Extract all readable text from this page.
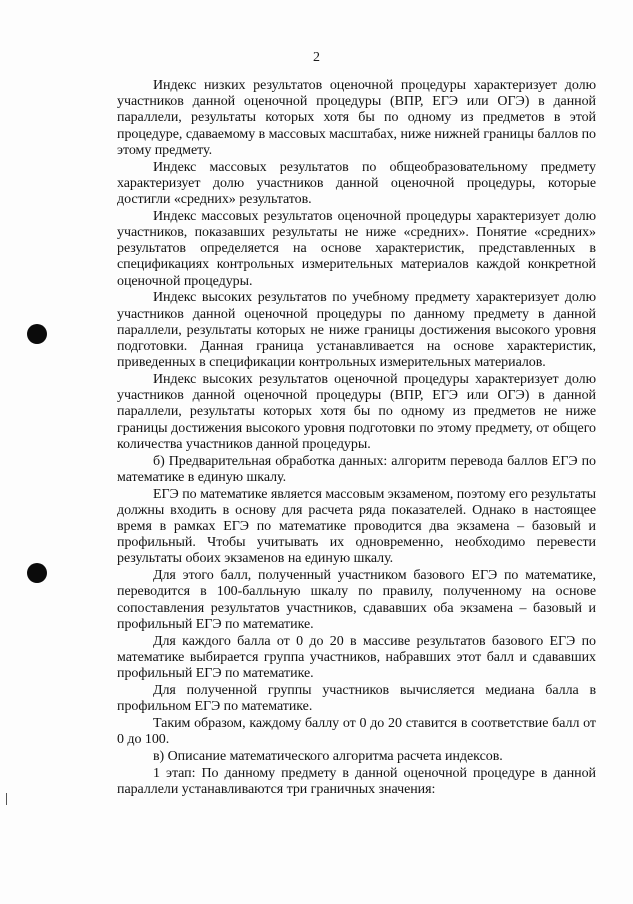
2

Индекс низких результатов оценочной процедуры характеризует долю участников данной оценочной процедуры (ВПР, ЕГЭ или ОГЭ) в данной параллели, результаты которых хотя бы по одному из предметов в этой процедуре, сдаваемому в массовых масштабах, ниже нижней границы баллов по этому предмету.

Индекс массовых результатов по общеобразовательному предмету характеризует долю участников данной оценочной процедуры, которые достигли «средних» результатов.

Индекс массовых результатов оценочной процедуры характеризует долю участников, показавших результаты не ниже «средних». Понятие «средних» результатов определяется на основе характеристик, представленных в спецификациях контрольных измерительных материалов каждой конкретной оценочной процедуры.

Индекс высоких результатов по учебному предмету характеризует долю участников данной оценочной процедуры по данному предмету в данной параллели, результаты которых не ниже границы достижения высокого уровня подготовки. Данная граница устанавливается на основе характеристик, приведенных в спецификации контрольных измерительных материалов.

Индекс высоких результатов оценочной процедуры характеризует долю участников данной оценочной процедуры (ВПР, ЕГЭ или ОГЭ) в данной параллели, результаты которых хотя бы по одному из предметов не ниже границы достижения высокого уровня подготовки по этому предмету, от общего количества участников данной процедуры.

б) Предварительная обработка данных: алгоритм перевода баллов ЕГЭ по математике в единую шкалу.

ЕГЭ по математике является массовым экзаменом, поэтому его результаты должны входить в основу для расчета ряда показателей. Однако в настоящее время в рамках ЕГЭ по математике проводится два экзамена – базовый и профильный. Чтобы учитывать их одновременно, необходимо перевести результаты обоих экзаменов на единую шкалу.

Для этого балл, полученный участником базового ЕГЭ по математике, переводится в 100-балльную шкалу по правилу, полученному на основе сопоставления результатов участников, сдававших оба экзамена – базовый и профильный ЕГЭ по математике.

Для каждого балла от 0 до 20 в массиве результатов базового ЕГЭ по математике выбирается группа участников, набравших этот балл и сдававших профильный ЕГЭ по математике.

Для полученной группы участников вычисляется медиана балла в профильном ЕГЭ по математике.

Таким образом, каждому баллу от 0 до 20 ставится в соответствие балл от 0 до 100.

в) Описание математического алгоритма расчета индексов.

1 этап: По данному предмету в данной оценочной процедуре в данной параллели устанавливаются три граничных значения:
